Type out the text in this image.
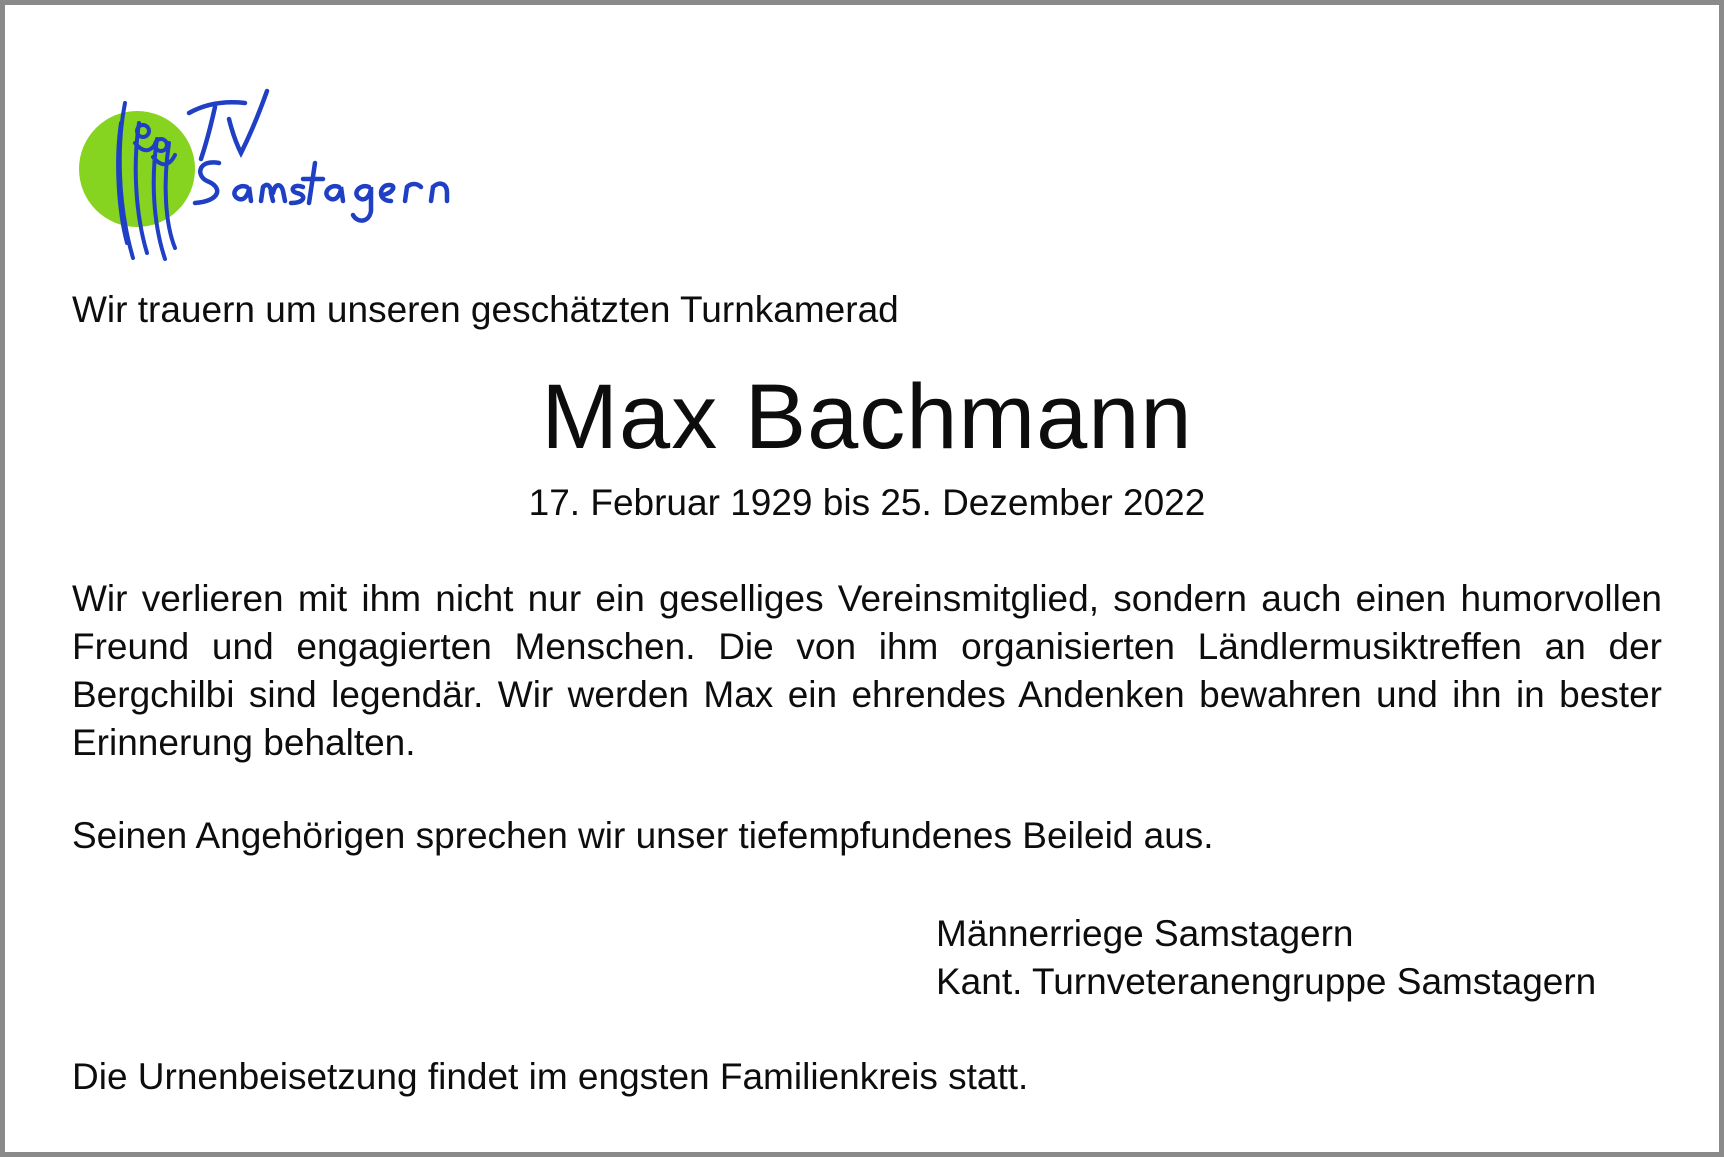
Wir trauern um unseren geschätzten Turnkamerad
Max Bachmann
17. Februar 1929 bis 25. Dezember 2022
Wir verlieren mit ihm nicht nur ein geselliges Vereinsmitglied, sondern auch einen humorvollen Freund und engagierten Menschen. Die von ihm organisierten Ländlermusiktreffen an der Bergchilbi sind legendär. Wir werden Max ein ehrendes Andenken bewahren und ihn in bester Erinnerung behalten.
Seinen Angehörigen sprechen wir unser tiefempfundenes Beileid aus.
Männerriege Samstagern
Kant. Turnveteranengruppe Samstagern
Die Urnenbeisetzung findet im engsten Familienkreis statt.
